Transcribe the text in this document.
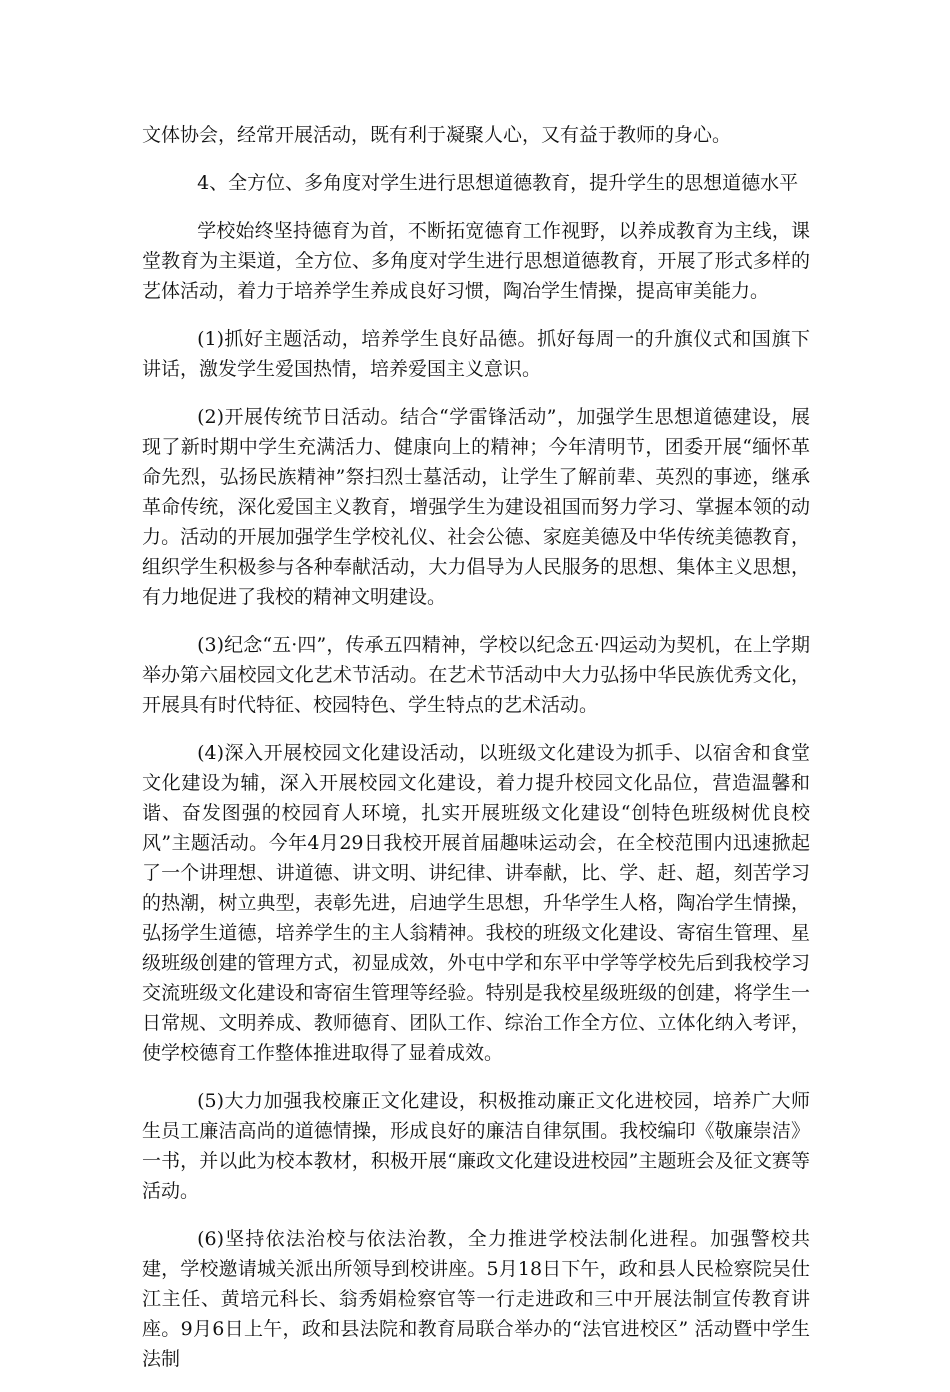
文体协会，经常开展活动，既有利于凝聚人心，又有益于教师的身心。

4、全方位、多角度对学生进行思想道德教育，提升学生的思想道德水平

学校始终坚持德育为首，不断拓宽德育工作视野，以养成教育为主线，课堂教育为主渠道，全方位、多角度对学生进行思想道德教育，开展了形式多样的艺体活动，着力于培养学生养成良好习惯，陶冶学生情操，提高审美能力。

(1)抓好主题活动，培养学生良好品德。抓好每周一的升旗仪式和国旗下讲话，激发学生爱国热情，培养爱国主义意识。

(2)开展传统节日活动。结合“学雷锋活动”，加强学生思想道德建设，展现了新时期中学生充满活力、健康向上的精神；今年清明节，团委开展“缅怀革命先烈，弘扬民族精神”祭扫烈士墓活动，让学生了解前辈、英烈的事迹，继承革命传统，深化爱国主义教育，增强学生为建设祖国而努力学习、掌握本领的动力。活动的开展加强学生学校礼仪、社会公德、家庭美德及中华传统美德教育，组织学生积极参与各种奉献活动，大力倡导为人民服务的思想、集体主义思想，有力地促进了我校的精神文明建设。

(3)纪念“五·四”，传承五四精神，学校以纪念五·四运动为契机，在上学期举办第六届校园文化艺术节活动。在艺术节活动中大力弘扬中华民族优秀文化，开展具有时代特征、校园特色、学生特点的艺术活动。

(4)深入开展校园文化建设活动，以班级文化建设为抓手、以宿舍和食堂文化建设为辅，深入开展校园文化建设，着力提升校园文化品位，营造温馨和谐、奋发图强的校园育人环境，扎实开展班级文化建设“创特色班级树优良校风”主题活动。今年4月29日我校开展首届趣味运动会，在全校范围内迅速掀起了一个讲理想、讲道德、讲文明、讲纪律、讲奉献，比、学、赶、超，刻苦学习的热潮，树立典型，表彰先进，启迪学生思想，升华学生人格，陶冶学生情操，弘扬学生道德，培养学生的主人翁精神。我校的班级文化建设、寄宿生管理、星级班级创建的管理方式，初显成效，外屯中学和东平中学等学校先后到我校学习交流班级文化建设和寄宿生管理等经验。特别是我校星级班级的创建，将学生一日常规、文明养成、教师德育、团队工作、综治工作全方位、立体化纳入考评，使学校德育工作整体推进取得了显着成效。

(5)大力加强我校廉正文化建设，积极推动廉正文化进校园，培养广大师生员工廉洁高尚的道德情操，形成良好的廉洁自律氛围。我校编印《敬廉崇洁》一书，并以此为校本教材，积极开展“廉政文化建设进校园”主题班会及征文赛等活动。

(6)坚持依法治校与依法治教，全力推进学校法制化进程。加强警校共建，学校邀请城关派出所领导到校讲座。5月18日下午，政和县人民检察院吴仕江主任、黄培元科长、翁秀娟检察官等一行走进政和三中开展法制宣传教育讲座。9月6日上午，政和县法院和教育局联合举办的“法官进校区” 活动暨中学生法制
